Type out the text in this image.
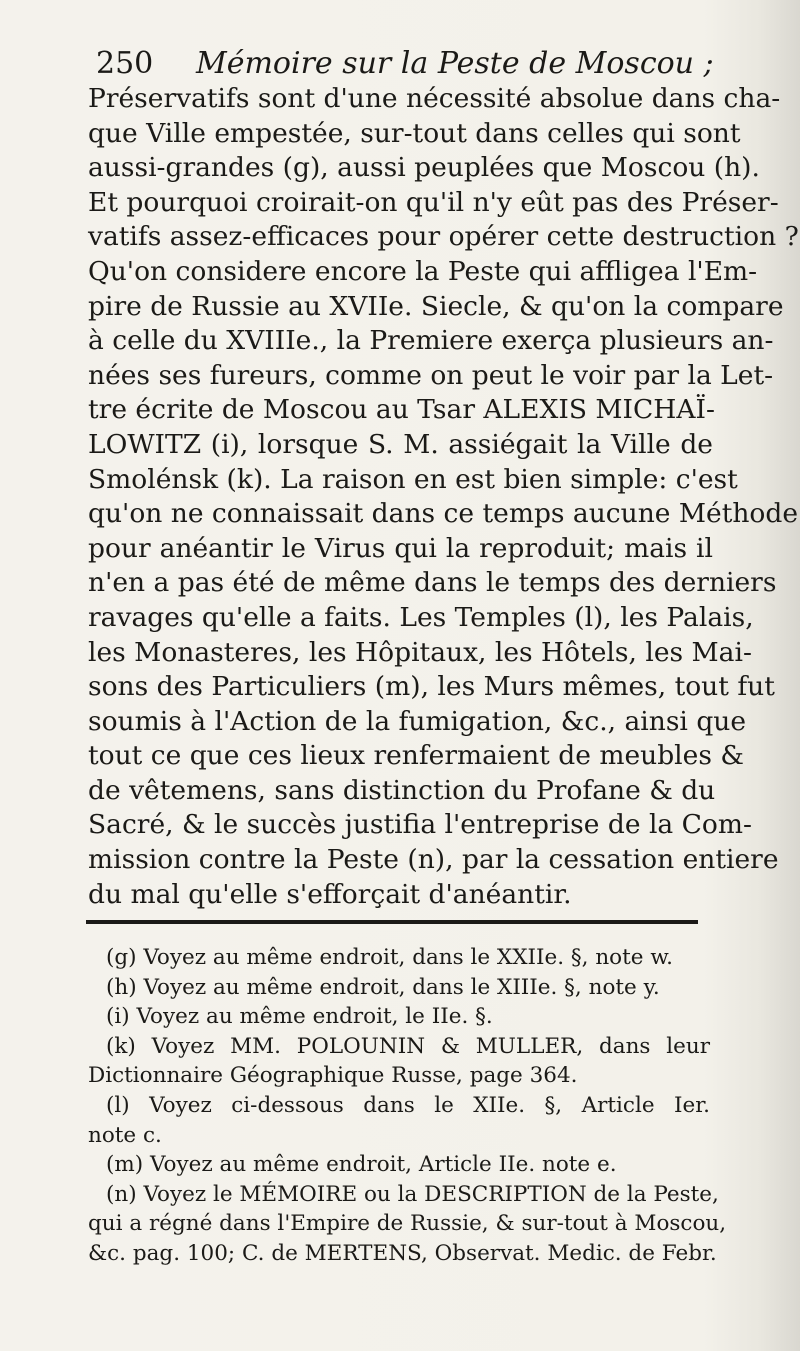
250 Mémoire sur la Peste de Moscou ;
Préservatifs sont d'une nécessité absolue dans cha-
que Ville empestée, sur-tout dans celles qui sont
aussi-grandes (g), aussi peuplées que Moscou (h).
Et pourquoi croirait-on qu'il n'y eût pas des Préser-
vatifs assez-efficaces pour opérer cette destruction ?
Qu'on considere encore la Peste qui affligea l'Em-
pire de Russie au XVIIe. Siecle, & qu'on la compare
à celle du XVIIIe., la Premiere exerça plusieurs an-
nées ses fureurs, comme on peut le voir par la Let-
tre écrite de Moscou au Tsar ALEXIS MICHAÏ-
LOWITZ (i), lorsque S. M. assiégait la Ville de
Smolénsk (k). La raison en est bien simple: c'est
qu'on ne connaissait dans ce temps aucune Méthode
pour anéantir le Virus qui la reproduit; mais il
n'en a pas été de même dans le temps des derniers
ravages qu'elle a faits. Les Temples (l), les Palais,
les Monasteres, les Hôpitaux, les Hôtels, les Mai-
sons des Particuliers (m), les Murs mêmes, tout fut
soumis à l'Action de la fumigation, &c., ainsi que
tout ce que ces lieux renfermaient de meubles &
de vêtemens, sans distinction du Profane & du
Sacré, & le succès justifia l'entreprise de la Com-
mission contre la Peste (n), par la cessation entiere
du mal qu'elle s'efforçait d'anéantir.
(g) Voyez au même endroit, dans le XXIIe. §, note w.
(h) Voyez au même endroit, dans le XIIIe. §, note y.
(i) Voyez au même endroit, le IIe. §.
(k) Voyez MM. POLOUNIN & MULLER, dans leur
Dictionnaire Géographique Russe, page 364.
(l) Voyez ci-dessous dans le XIIe. §, Article Ier.
note c.
(m) Voyez au même endroit, Article IIe. note e.
(n) Voyez le MÉMOIRE ou la DESCRIPTION de la Peste,
qui a régné dans l'Empire de Russie, & sur-tout à Moscou,
&c. pag. 100; C. de MERTENS, Observat. Medic. de Febr.
